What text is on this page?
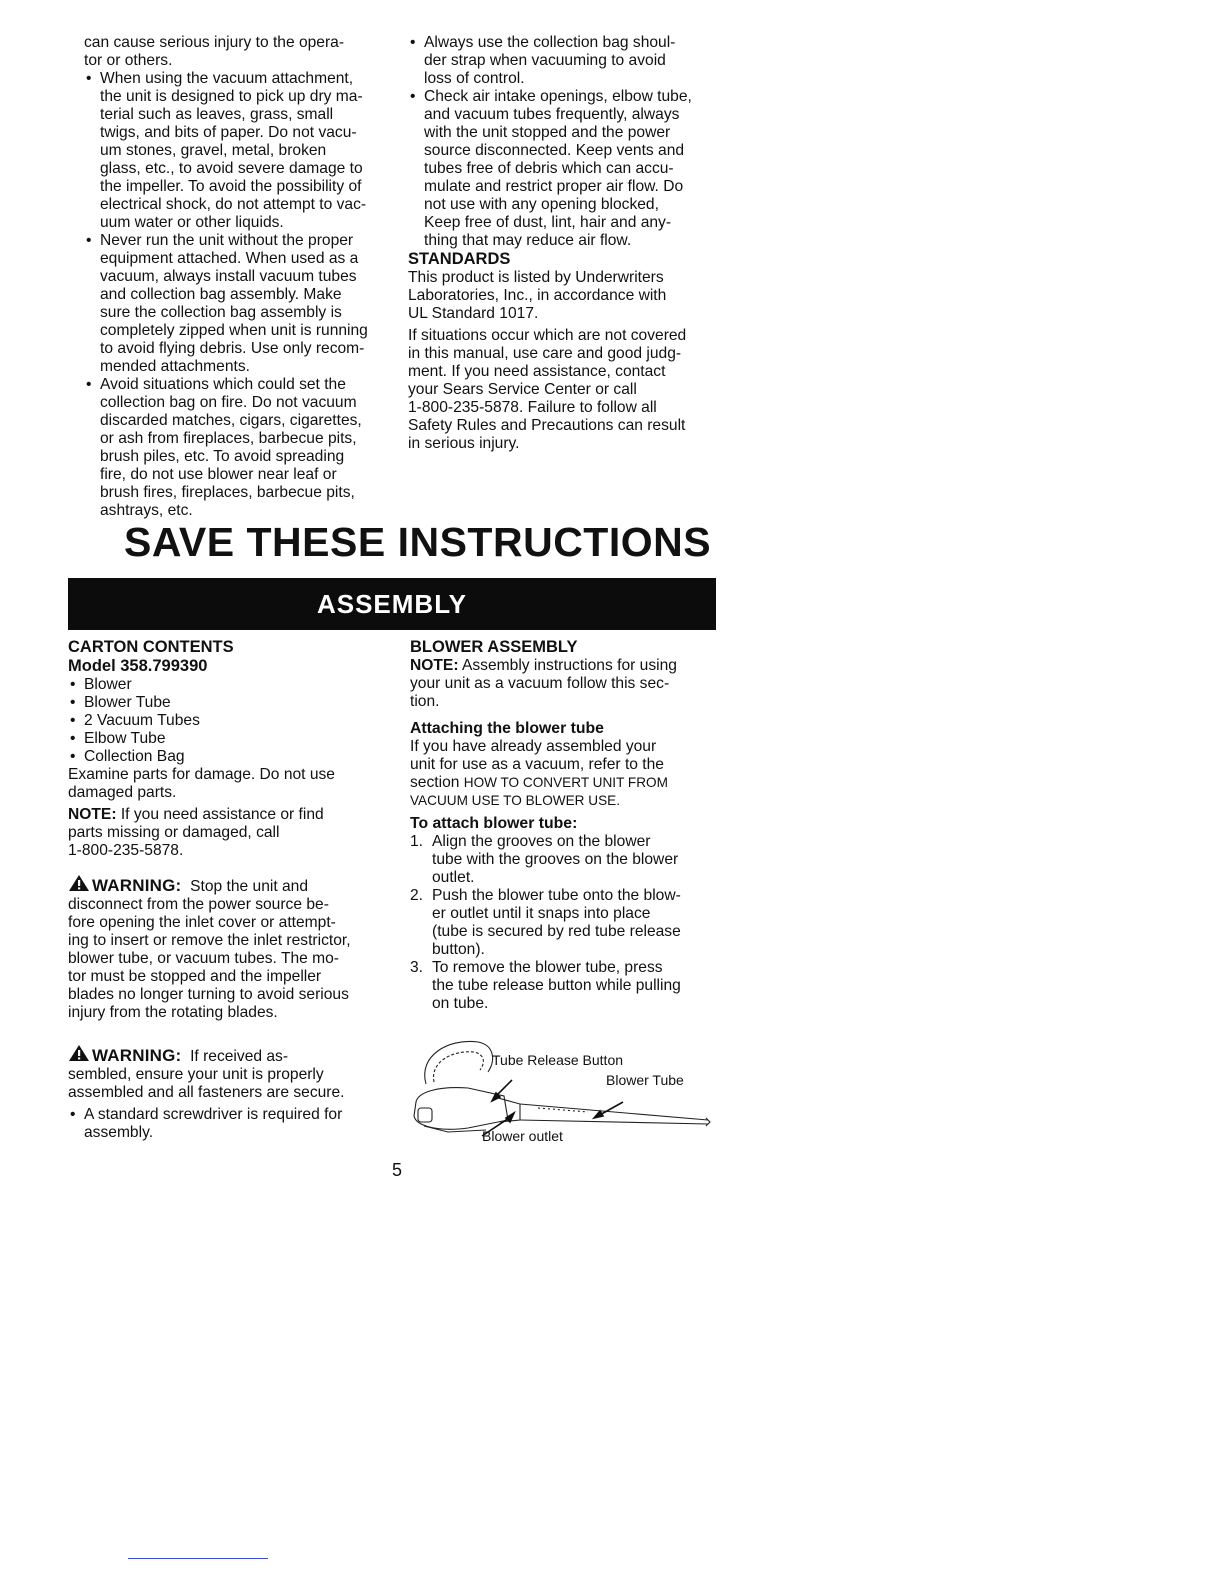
can cause serious injury to the opera-
tor or others.

• When using the vacuum attachment,
the unit is designed to pick up dry ma-
terial such as leaves, grass, small
twigs, and bits of paper. Do not vacu-
um stones, gravel, metal, broken
glass, etc., to avoid severe damage to
the impeller. To avoid the possibility of
electrical shock, do not attempt to vac-
uum water or other liquids.

• Never run the unit without the proper
equipment attached. When used as a
vacuum, always install vacuum tubes
and collection bag assembly. Make
sure the collection bag assembly is
completely zipped when unit is running
to avoid flying debris. Use only recom-
mended attachments.

• Avoid situations which could set the
collection bag on fire. Do not vacuum
discarded matches, cigars, cigarettes,
or ash from fireplaces, barbecue pits,
brush piles, etc. To avoid spreading
fire, do not use blower near leaf or
brush fires, fireplaces, barbecue pits,
ashtrays, etc.

• Always use the collection bag shoul-
der strap when vacuuming to avoid
loss of control.

• Check air intake openings, elbow tube,
and vacuum tubes frequently, always
with the unit stopped and the power
source disconnected. Keep vents and
tubes free of debris which can accu-
mulate and restrict proper air flow. Do
not use with any opening blocked,
Keep free of dust, lint, hair and any-
thing that may reduce air flow.

STANDARDS

This product is listed by Underwriters
Laboratories, Inc., in accordance with
UL Standard 1017.

If situations occur which are not covered
in this manual, use care and good judg-
ment. If you need assistance, contact
your Sears Service Center or call
1-800-235-5878. Failure to follow all
Safety Rules and Precautions can result
in serious injury.

SAVE THESE INSTRUCTIONS
ASSEMBLY

CARTON CONTENTS

Model 358.799390

• Blower

• Blower Tube

• 2 Vacuum Tubes

• Elbow Tube

• Collection Bag

Examine parts for damage. Do not use
damaged parts.

NOTE: If you need assistance or find
parts missing or damaged, call
1-800-235-5878.

WARNING:  Stop the unit and

disconnect from the power source be-
fore opening the inlet cover or attempt-
ing to insert or remove the inlet restrictor,
blower tube, or vacuum tubes. The mo-
tor must be stopped and the impeller
blades no longer turning to avoid serious
injury from the rotating blades.

WARNING:  If received as-

sembled, ensure your unit is properly
assembled and all fasteners are secure.

• A standard screwdriver is required for
assembly.

BLOWER ASSEMBLY

NOTE: Assembly instructions for using
your unit as a vacuum follow this sec-
tion.

Attaching the blower tube

If you have already assembled your
unit for use as a vacuum, refer to the
section HOW TO CONVERT UNIT FROM
VACUUM USE TO BLOWER USE.

To attach blower tube:

1. Align the grooves on the blower
tube with the grooves on the blower
outlet.

2. Push the blower tube onto the blow-
er outlet until it snaps into place
(tube is secured by red tube release
button).

3. To remove the blower tube, press
the tube release button while pulling
on tube.

Tube Release Button
Blower Tube
Blower outlet
5
